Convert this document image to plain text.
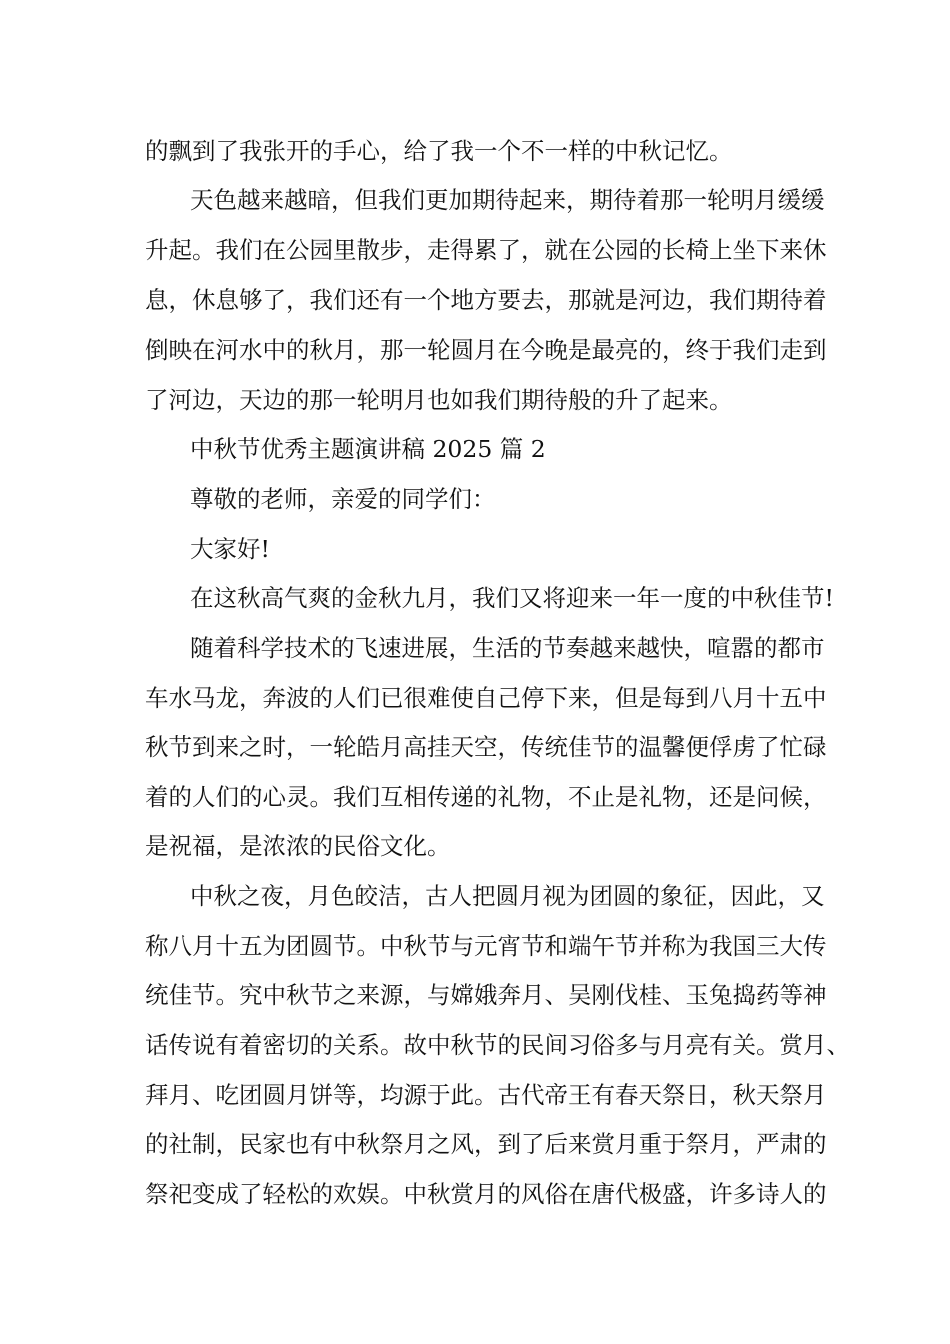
的飘到了我张开的手心，给了我一个不一样的中秋记忆。
天色越来越暗，但我们更加期待起来，期待着那一轮明月缓缓
升起。我们在公园里散步，走得累了，就在公园的长椅上坐下来休
息，休息够了，我们还有一个地方要去，那就是河边，我们期待着
倒映在河水中的秋月，那一轮圆月在今晚是最亮的，终于我们走到
了河边，天边的那一轮明月也如我们期待般的升了起来。
中秋节优秀主题演讲稿 2025 篇 2
尊敬的老师，亲爱的同学们：
大家好!
在这秋高气爽的金秋九月，我们又将迎来一年一度的中秋佳节!
随着科学技术的飞速进展，生活的节奏越来越快，喧嚣的都市
车水马龙，奔波的人们已很难使自己停下来，但是每到八月十五中
秋节到来之时，一轮皓月高挂天空，传统佳节的温馨便俘虏了忙碌
着的人们的心灵。我们互相传递的礼物，不止是礼物，还是问候，
是祝福，是浓浓的民俗文化。
中秋之夜，月色皎洁，古人把圆月视为团圆的象征，因此，又
称八月十五为团圆节。中秋节与元宵节和端午节并称为我国三大传
统佳节。究中秋节之来源，与嫦娥奔月、吴刚伐桂、玉兔捣药等神
话传说有着密切的关系。故中秋节的民间习俗多与月亮有关。赏月、
拜月、吃团圆月饼等，均源于此。古代帝王有春天祭日，秋天祭月
的社制，民家也有中秋祭月之风，到了后来赏月重于祭月，严肃的
祭祀变成了轻松的欢娱。中秋赏月的风俗在唐代极盛，许多诗人的
